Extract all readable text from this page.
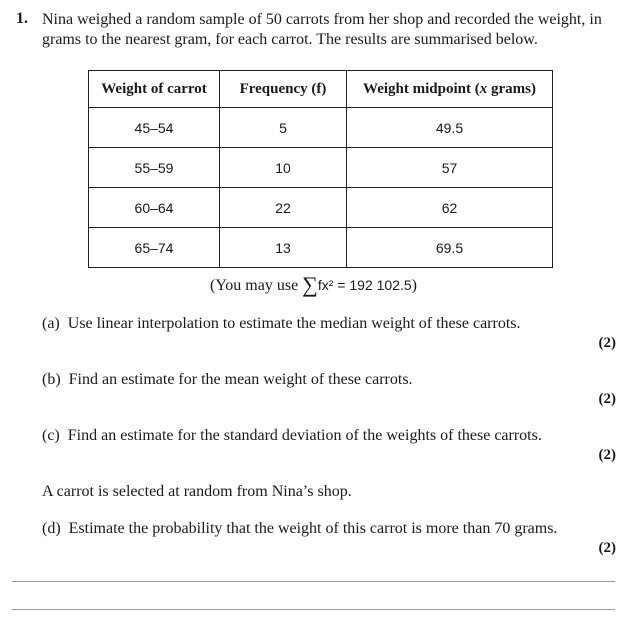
1. Nina weighed a random sample of 50 carrots from her shop and recorded the weight, in grams to the nearest gram, for each carrot. The results are summarised below.
Weight of carrot	Frequency (f)	Weight midpoint (x grams)
45–54	5	49.5
55–59	10	57
60–64	22	62
65–74	13	69.5
(You may use ∑fx² = 192 102.5)
(a) Use linear interpolation to estimate the median weight of these carrots.
(2)
(b) Find an estimate for the mean weight of these carrots.
(2)
(c) Find an estimate for the standard deviation of the weights of these carrots.
(2)
A carrot is selected at random from Nina’s shop.
(d) Estimate the probability that the weight of this carrot is more than 70 grams.
(2)
